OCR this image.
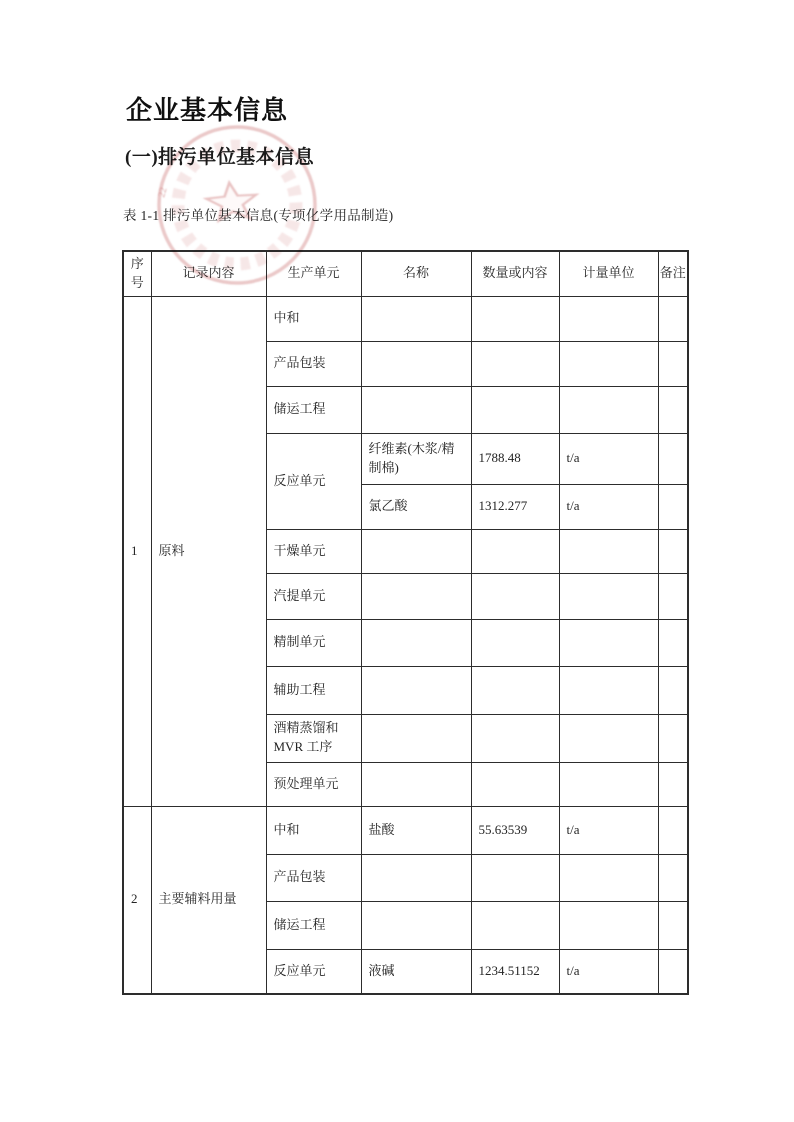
22
企业基本信息
(一)排污单位基本信息
表 1-1 排污单位基本信息(专项化学用品制造)
序号	记录内容	生产单元	名称	数量或内容	计量单位	备注
1	原料	中和				
		产品包装				
		储运工程				
		反应单元	纤维素(木浆/精制棉)	1788.48	t/a	
			氯乙酸	1312.277	t/a	
		干燥单元				
		汽提单元				
		精制单元				
		辅助工程				
		酒精蒸馏和MVR 工序				
		预处理单元				
2	主要辅料用量	中和	盐酸	55.63539	t/a	
		产品包装				
		储运工程				
		反应单元	液碱	1234.51152	t/a	
